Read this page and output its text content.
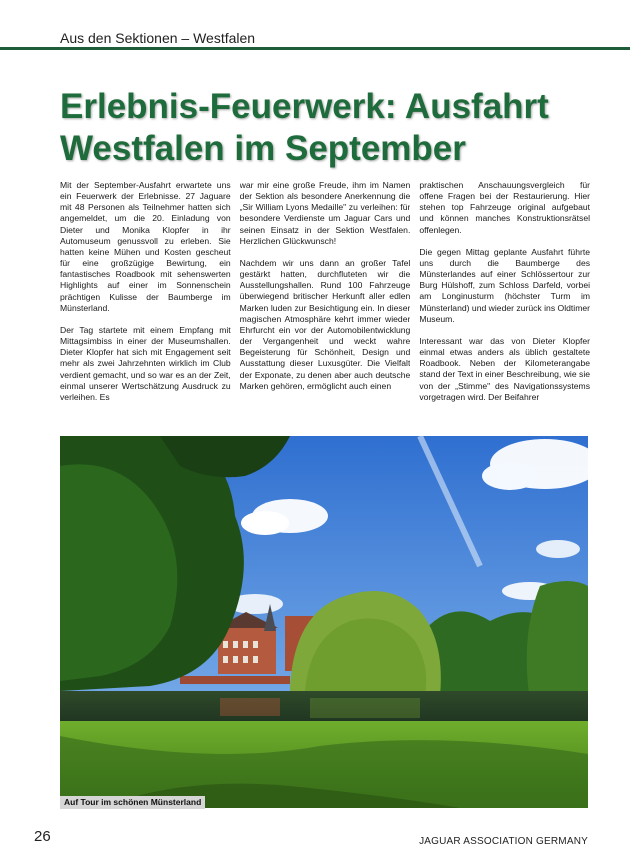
Aus den Sektionen – Westfalen
Erlebnis-Feuerwerk: Ausfahrt Westfalen im September

Mit der September-Ausfahrt erwartete uns ein Feuerwerk der Erlebnisse. 27 Jaguare mit 48 Personen als Teilnehmer hatten sich angemeldet, um die 20. Einladung von Dieter und Monika Klopfer in ihr Automuseum genussvoll zu erleben. Sie hatten keine Mühen und Kosten gescheut für eine großzügige Bewirtung, ein fantastisches Roadbook mit sehenswerten Highlights auf einer im Sonnenschein prächtigen Kulisse der Baumberge im Münsterland.

Der Tag startete mit einem Empfang mit Mittagsimbiss in einer der Museumshallen. Dieter Klopfer hat sich mit Engagement seit mehr als zwei Jahrzehnten wirklich im Club verdient gemacht, und so war es an der Zeit, einmal unserer Wertschätzung Ausdruck zu verleihen. Es

war mir eine große Freude, ihm im Namen der Sektion als besondere Anerkennung die „Sir William Lyons Medaille" zu verleihen: für besondere Verdienste um Jaguar Cars und seinen Einsatz in der Sektion Westfalen. Herzlichen Glückwunsch!

Nachdem wir uns dann an großer Tafel gestärkt hatten, durchfluteten wir die Ausstellungshallen. Rund 100 Fahrzeuge überwiegend britischer Herkunft aller edlen Marken luden zur Besichtigung ein. In dieser magischen Atmosphäre kehrt immer wieder Ehrfurcht ein vor der Automobilentwicklung der Vergangenheit und weckt wahre Begeisterung für Schönheit, Design und Ausstattung dieser Luxusgüter. Die Vielfalt der Exponate, zu denen aber auch deutsche Marken gehören, ermöglicht auch einen

praktischen Anschauungsvergleich für offene Fragen bei der Restaurierung. Hier stehen top Fahrzeuge original aufgebaut und können manches Konstruktionsrätsel offenlegen.

Die gegen Mittag geplante Ausfahrt führte uns durch die Baumberge des Münsterlandes auf einer Schlössertour zur Burg Hülshoff, zum Schloss Darfeld, vorbei am Longinusturm (höchster Turm im Münsterland) und wieder zurück ins Oldtimer Museum.

Interessant war das von Dieter Klopfer einmal etwas anders als üblich gestaltete Roadbook. Neben der Kilometerangabe stand der Text in einer Beschreibung, wie sie von der „Stimme" des Navigationssystems vorgetragen wird. Der Beifahrer

Auf Tour im schönen Münsterland
26	JAGUAR ASSOCIATION GERMANY
